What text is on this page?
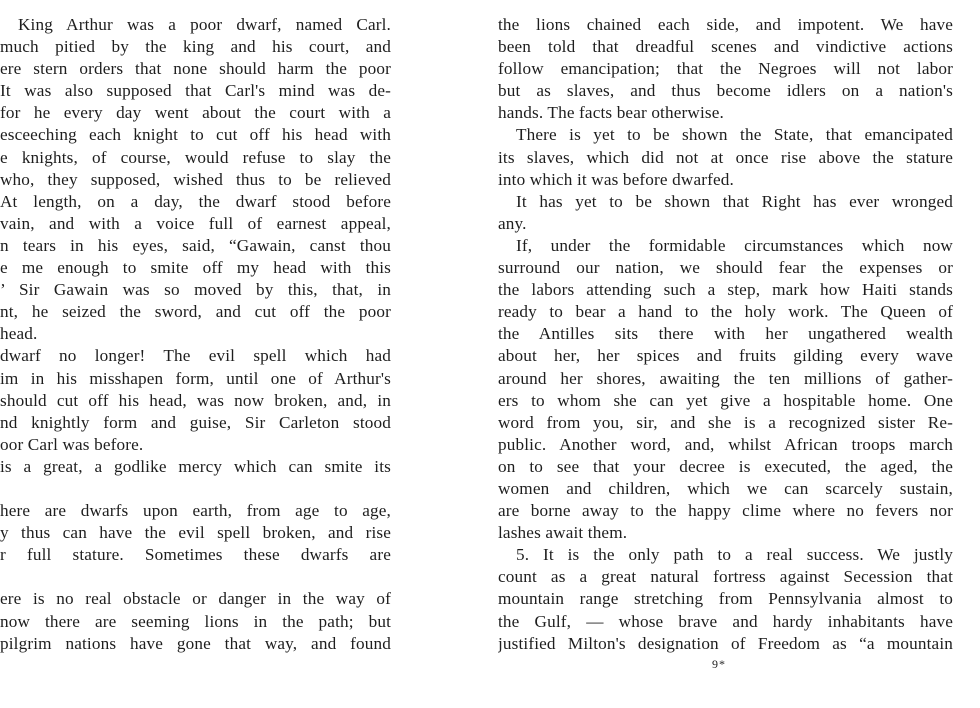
King Arthur was a poor dwarf, named Carl.
much pitied by the king and his court, and
ere stern orders that none should harm the poor
It was also supposed that Carl's mind was de-
for he every day went about the court with a
esceeching each knight to cut off his head with
e knights, of course, would refuse to slay the
who, they supposed, wished thus to be relieved
At length, on a day, the dwarf stood before
vain, and with a voice full of earnest appeal,
n tears in his eyes, said, “Gawain, canst thou
e me enough to smite off my head with this
’ Sir Gawain was so moved by this, that, in
nt, he seized the sword, and cut off the poor
head.
dwarf no longer! The evil spell which had
im in his misshapen form, until one of Arthur's
should cut off his head, was now broken, and, in
nd knightly form and guise, Sir Carleton stood
oor Carl was before.
is a great, a godlike mercy which can smite its
here are dwarfs upon earth, from age to age,
y thus can have the evil spell broken, and rise
r full stature. Sometimes these dwarfs are
ere is no real obstacle or danger in the way of
now there are seeming lions in the path; but
pilgrim nations have gone that way, and found
the lions chained each side, and impotent. We have
been told that dreadful scenes and vindictive actions
follow emancipation; that the Negroes will not labor
but as slaves, and thus become idlers on a nation's
hands. The facts bear otherwise.
There is yet to be shown the State, that emancipated
its slaves, which did not at once rise above the stature
into which it was before dwarfed.
It has yet to be shown that Right has ever wronged
any.
If, under the formidable circumstances which now
surround our nation, we should fear the expenses or
the labors attending such a step, mark how Haiti stands
ready to bear a hand to the holy work. The Queen of
the Antilles sits there with her ungathered wealth
about her, her spices and fruits gilding every wave
around her shores, awaiting the ten millions of gather-
ers to whom she can yet give a hospitable home. One
word from you, sir, and she is a recognized sister Re-
public. Another word, and, whilst African troops march
on to see that your decree is executed, the aged, the
women and children, which we can scarcely sustain,
are borne away to the happy clime where no fevers nor
lashes await them.
5. It is the only path to a real success. We justly
count as a great natural fortress against Secession that
mountain range stretching from Pennsylvania almost to
the Gulf, — whose brave and hardy inhabitants have
justified Milton's designation of Freedom as “a mountain
9*
